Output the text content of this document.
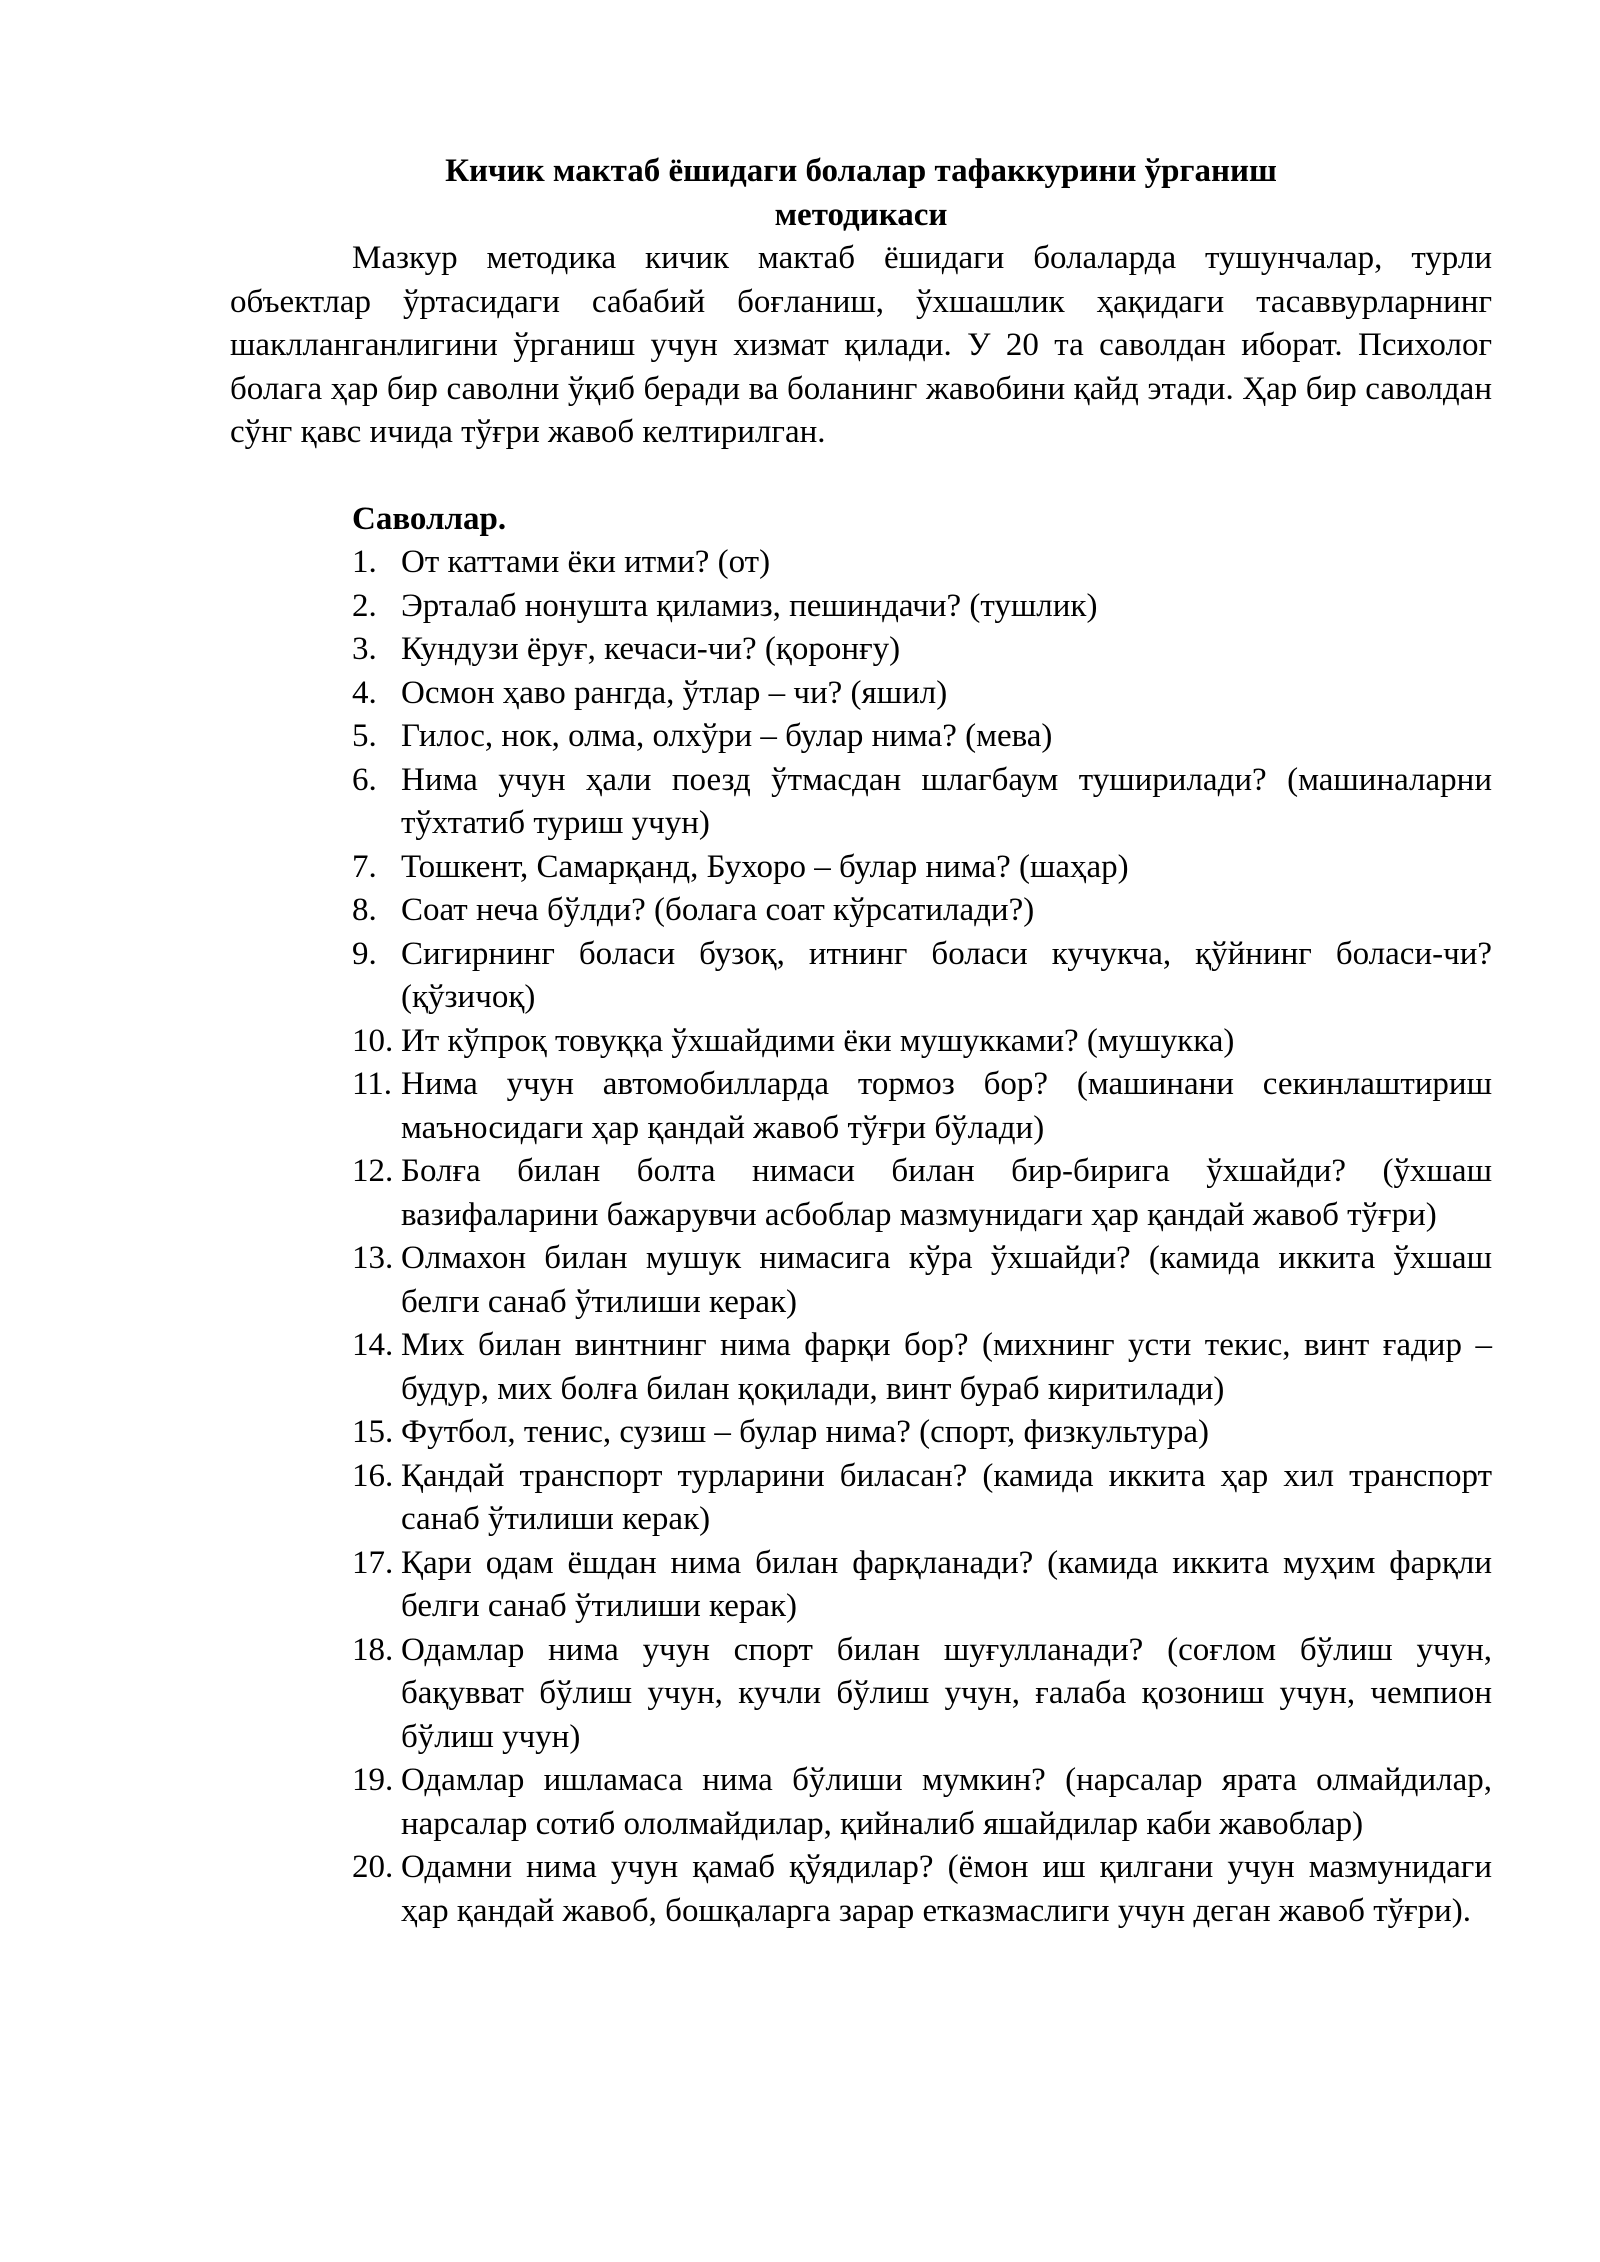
Кичик мактаб ёшидаги болалар тафаккурини ўрганиш
методикаси

Мазкур методика кичик мактаб ёшидаги болаларда тушунчалар, турли объектлар ўртасидаги сабабий боғланиш, ўхшашлик ҳақидаги тасаввурларнинг шаклланганлигини ўрганиш учун хизмат қилади. У 20 та саволдан иборат. Психолог болага ҳар бир саволни ўқиб беради ва боланинг жавобини қайд этади. Ҳар бир саволдан сўнг қавс ичида тўғри жавоб келтирилган.

Саволлар.
1. От каттами ёки итми? (от)
2. Эрталаб нонушта қиламиз, пешиндачи? (тушлик)
3. Кундузи ёруғ, кечаси-чи? (қоронғу)
4. Осмон ҳаво рангда, ўтлар – чи? (яшил)
5. Гилос, нок, олма, олхўри – булар нима? (мева)
6. Нима учун ҳали поезд ўтмасдан шлагбаум туширилади? (машиналарни тўхтатиб туриш учун)
7. Тошкент, Самарқанд, Бухоро – булар нима? (шаҳар)
8. Соат неча бўлди? (болага соат кўрсатилади?)
9. Сигирнинг боласи бузоқ, итнинг боласи кучукча, қўйнинг боласи-чи? (қўзичоқ)
10. Ит кўпроқ товуққа ўхшайдими ёки мушукками? (мушукка)
11. Нима учун автомобилларда тормоз бор? (машинани секинлаштириш маъносидаги ҳар қандай жавоб тўғри бўлади)
12. Болға билан болта нимаси билан бир-бирига ўхшайди? (ўхшаш вазифаларини бажарувчи асбоблар мазмунидаги ҳар қандай жавоб тўғри)
13. Олмахон билан мушук нимасига кўра ўхшайди? (камида иккита ўхшаш белги санаб ўтилиши керак)
14. Мих билан винтнинг нима фарқи бор? (михнинг усти текис, винт ғадир – будур, мих болға билан қоқилади, винт бураб киритилади)
15. Футбол, тенис, сузиш – булар нима? (спорт, физкультура)
16. Қандай транспорт турларини биласан? (камида иккита ҳар хил транспорт санаб ўтилиши керак)
17. Қари одам ёшдан нима билан фарқланади? (камида иккита муҳим фарқли белги санаб ўтилиши керак)
18. Одамлар нима учун спорт билан шуғулланади? (соғлом бўлиш учун, бақувват бўлиш учун, кучли бўлиш учун, ғалаба қозониш учун, чемпион бўлиш учун)
19. Одамлар ишламаса нима бўлиши мумкин? (нарсалар ярата олмайдилар, нарсалар сотиб ололмайдилар, қийналиб яшайдилар каби жавоблар)
20. Одамни нима учун қамаб қўядилар? (ёмон иш қилгани учун мазмунидаги ҳар қандай жавоб, бошқаларга зарар етказмаслиги учун деган жавоб тўғри).
